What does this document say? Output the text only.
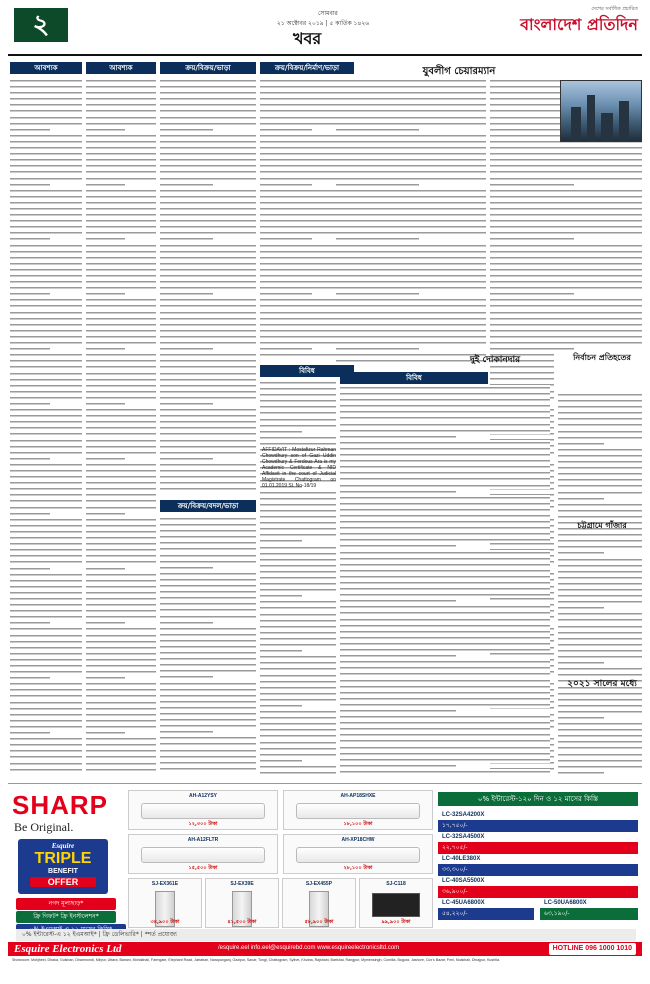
২	সোমবার
২১ অক্টোবর ২০১৯ | ৫ কার্তিক ১৪২৬
খবর
দেশের সর্বাধিক প্রচারিত
বাংলাদেশ প্রতিদিন
আবশ্যক	আবশ্যক	ক্রয়/বিক্রয়/ভাড়া	ক্রয়/বিক্রয়/নির্মাণ/ভাড়া
ক্রয়/বিক্রয়/বদল/ভাড়া
বিবিধ
বিবিধ
যুবলীগ চেয়ারম্যান
দুই দোকানদার	নির্বাচন প্রতিহতের
চট্টগ্রামে গাঁজার
২০২১ সালের মধ্যে
AFFIDAVIT : Mostafizur Rahman Chowdhury son of Gazi Uddin Chowdhury & Ferdous Ara is my Academic Certificate & NID Affidavit in the court of Judicial Magistrate Chattogram on 01.01.2019 Sl. No-18/19
SHARP
Be Original.
Esquire
TRIPLE
BENEFIT
OFFER
নগদ মূল্যছাড়*
ফ্রি গিফট* ফ্রি ইনস্টলেশন*
AH-A12YSY
১২,৩০০ টাকা
AH-AP18SHXE
১৮,১০০ টাকা
AH-A12FLTR
১৫,৫০০ টাকা
AH-XP18CHW
২৮,১০০ টাকা
SJ-EX361E
৩৪,৯০০ টাকা
SJ-EX39E
৪১,৫০০ টাকা
SJ-EX455P
৫৮,৯০০ টাকা
SJ-C118
৯৯,৯০০ টাকা
০% ইন্টারেস্ট-১২০ দিন ও ১২ মাসের কিস্তি
LC-32SA4200X
১৭,৭৫০/-
LC-32SA4500X
২২,৭০৫/-
LC-40LE380X
৩৩,৩০০/-
LC-40SA5500X
৩৬,৯০০/-
LC-45UA6800X
৫৪,২২০/-
LC-50UA6800X
৬৩,১৯০/-
০% ইন্টারেস্ট-এ ১২ ইএমআই* | ফ্রি ডেলিভারি* | *শর্ত প্রযোজ্য
Esquire Electronics Ltd	/esquire.eel info.eel@esquirebd.com www.esquireelectronicsltd.com	HOTLINE 096 1000 1010
Showroom: Motijheel, Dhaka, Gulshan, Dhanmondi, Mirpur, Uttara, Banani, Mohakhali, Farmgate, Elephant Road, Jatrabari, Narayanganj, Gazipur, Savar, Tongi, Chattogram, Sylhet, Khulna, Rajshahi, Barishal, Rangpur, Mymensingh, Cumilla, Bogura, Jashore, Cox's Bazar, Feni, Noakhali, Dinajpur, Kushtia.
